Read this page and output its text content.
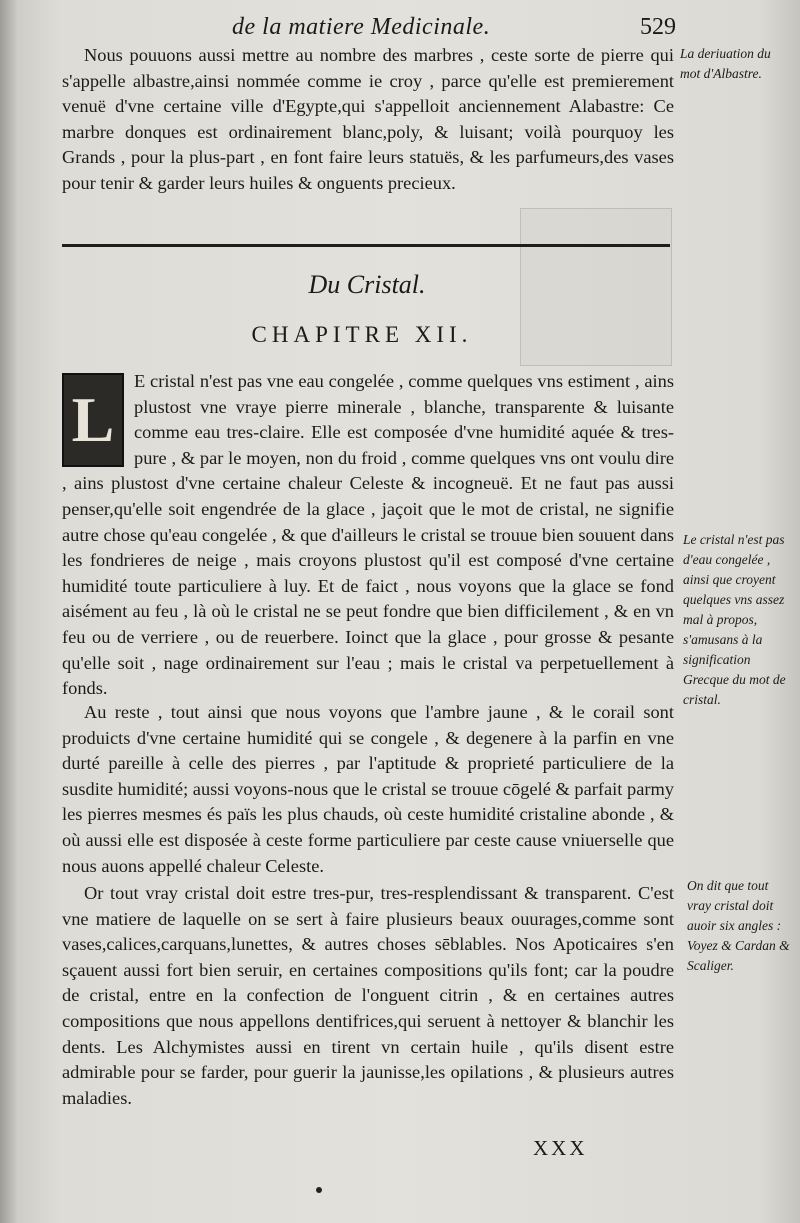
de la matiere Medicinale.	529

Nous pouuons aussi mettre au nombre des marbres , ceste sorte de pierre qui s'appelle albastre,ainsi nommée comme ie croy , parce qu'elle est premierement venuë d'vne certaine ville d'Egypte,qui s'appelloit anciennement Alabastre: Ce marbre donques est ordinairement blanc,poly, & luisant; voilà pourquoy les Grands , pour la plus-part , en font faire leurs statuës, & les parfumeurs,des vases pour tenir & garder leurs huiles & onguents precieux.

La deriuation du mot d'Albastre.
Du Cristal.
CHAPITRE XII.

L
E cristal n'est pas vne eau congelée , comme quelques vns estiment , ains plustost vne vraye pierre minerale , blanche, transparente & luisante comme eau tres-claire. Elle est composée d'vne humidité aquée & tres-pure , & par le moyen, non du froid , comme quelques vns ont voulu dire , ains plustost d'vne certaine chaleur Celeste & incogneuë. Et ne faut pas aussi penser,qu'elle soit engendrée de la glace , jaçoit que le mot de cristal, ne signifie autre chose qu'eau congelée , & que d'ailleurs le cristal se trouue bien souuent dans les fondrieres de neige , mais croyons plustost qu'il est composé d'vne certaine humidité toute particuliere à luy. Et de faict , nous voyons que la glace se fond aisément au feu , là où le cristal ne se peut fondre que bien difficilement , & en vn feu ou de verriere , ou de reuerbere. Ioinct que la glace , pour grosse & pesante qu'elle soit , nage ordinairement sur l'eau ; mais le cristal va perpetuellement à fonds.

Le cristal n'est pas d'eau congelée , ainsi que croyent quelques vns assez mal à propos, s'amusans à la signification Grecque du mot de cristal.

Au reste , tout ainsi que nous voyons que l'ambre jaune , & le corail sont produicts d'vne certaine humidité qui se congele , & degenere à la parfin en vne durté pareille à celle des pierres , par l'aptitude & proprieté particuliere de la susdite humidité; aussi voyons-nous que le cristal se trouue cōgelé & parfait parmy les pierres mesmes és païs les plus chauds, où ceste humidité cristaline abonde , & où aussi elle est disposée à ceste forme particuliere par ceste cause vniuerselle que nous auons appellé chaleur Celeste.

Or tout vray cristal doit estre tres-pur, tres-resplendissant & transparent. C'est vne matiere de laquelle on se sert à faire plusieurs beaux ouurages,comme sont vases,calices,carquans,lunettes, & autres choses sēblables. Nos Apoticaires s'en sçauent aussi fort bien seruir, en certaines compositions qu'ils font; car la poudre de cristal, entre en la confection de l'onguent citrin , & en certaines autres compositions que nous appellons dentifrices,qui seruent à nettoyer & blanchir les dents. Les Alchymistes aussi en tirent vn certain huile , qu'ils disent estre admirable pour se farder, pour guerir la jaunisse,les opilations , & plusieurs autres maladies.

On dit que tout vray cristal doit auoir six angles : Voyez & Cardan & Scaliger.
XXX
